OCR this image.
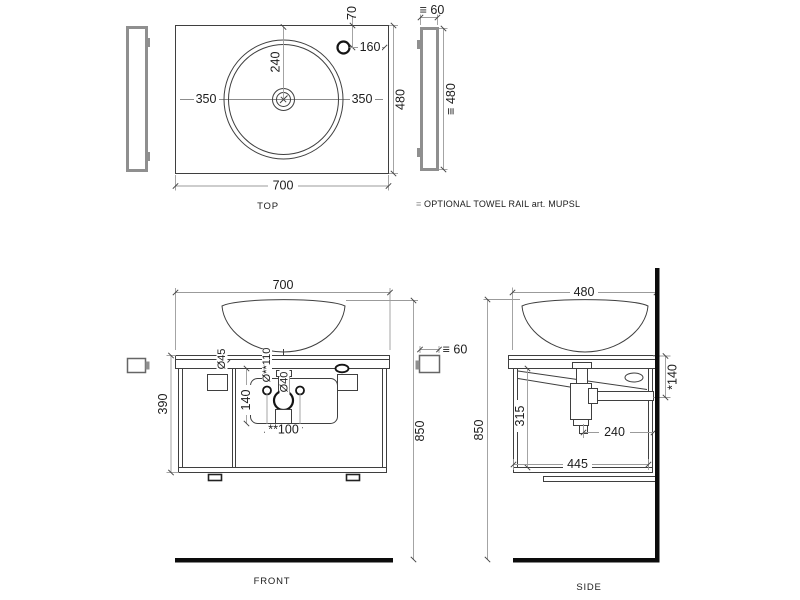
240
350	350
70
160
480
700
≡ 60
≡ 480
TOP	≡ OPTIONAL TOWEL RAIL art. MUPSL
700
140
**100
Ø45	Ø**110 Ø40
390
850
≡ 60
FRONT
480
*140
315
240
445
850
SIDE
